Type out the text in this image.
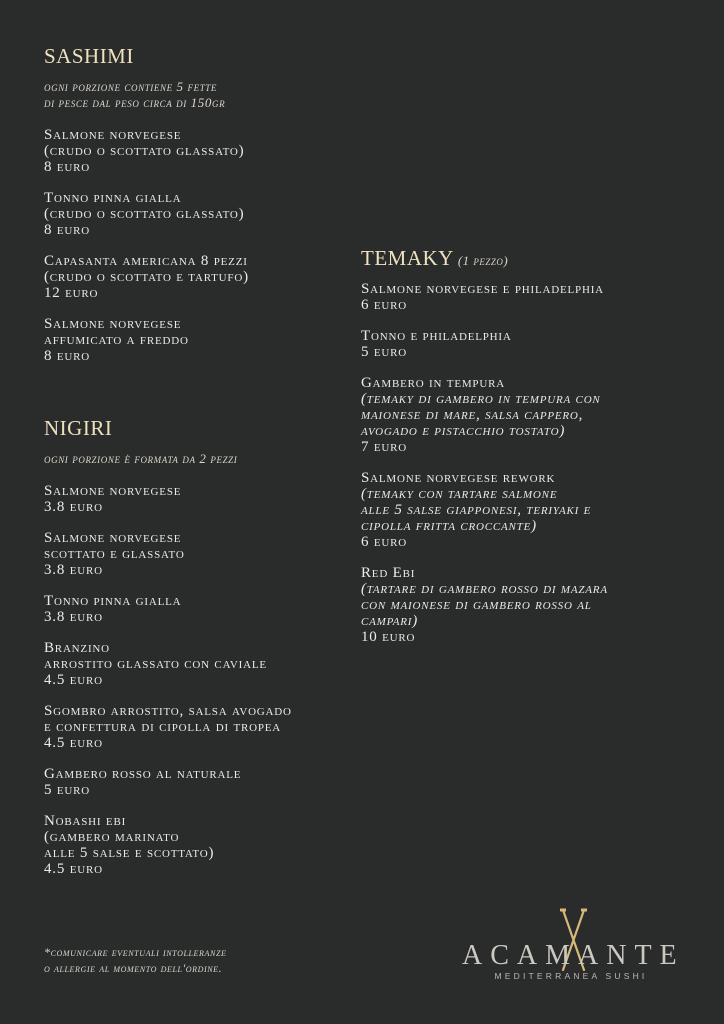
SASHIMI
ogni porzione contiene 5 fette
di pesce dal peso circa di 150gr
Salmone norvegese
(crudo o scottato glassato)
8 euro
Tonno pinna gialla
(crudo o scottato glassato)
8 euro
Capasanta americana 8 pezzi
(crudo o scottato e tartufo)
12 euro
Salmone norvegese
affumicato a freddo
8 euro
NIGIRI
ogni porzione è formata da 2 pezzi
Salmone norvegese
3.8 euro
Salmone norvegese
scottato e glassato
3.8 euro
Tonno pinna gialla
3.8 euro
Branzino
arrostito glassato con caviale
4.5 euro
Sgombro arrostito, salsa avogado
e confettura di cipolla di tropea
4.5 euro
Gambero rosso al naturale
5 euro
Nobashi ebi
(gambero marinato
alle 5 salse e scottato)
4.5 euro
TEMAKY (1 pezzo)
Salmone norvegese e philadelphia
6 euro
Tonno e philadelphia
5 euro
Gambero in tempura
(temaky di gambero in tempura con
maionese di mare, salsa cappero,
avogado e pistacchio tostato)
7 euro
Salmone norvegese rework
(temaky con tartare salmone
alle 5 salse giapponesi, teriyaki e
cipolla fritta croccante)
6 euro
Red Ebi
(tartare di gambero rosso di mazara
con maionese di gambero rosso al
campari)
10 euro
*comunicare eventuali intolleranze
o allergie al momento dell'ordine.	ACAMANTE
MEDITERRANEA SUSHI
